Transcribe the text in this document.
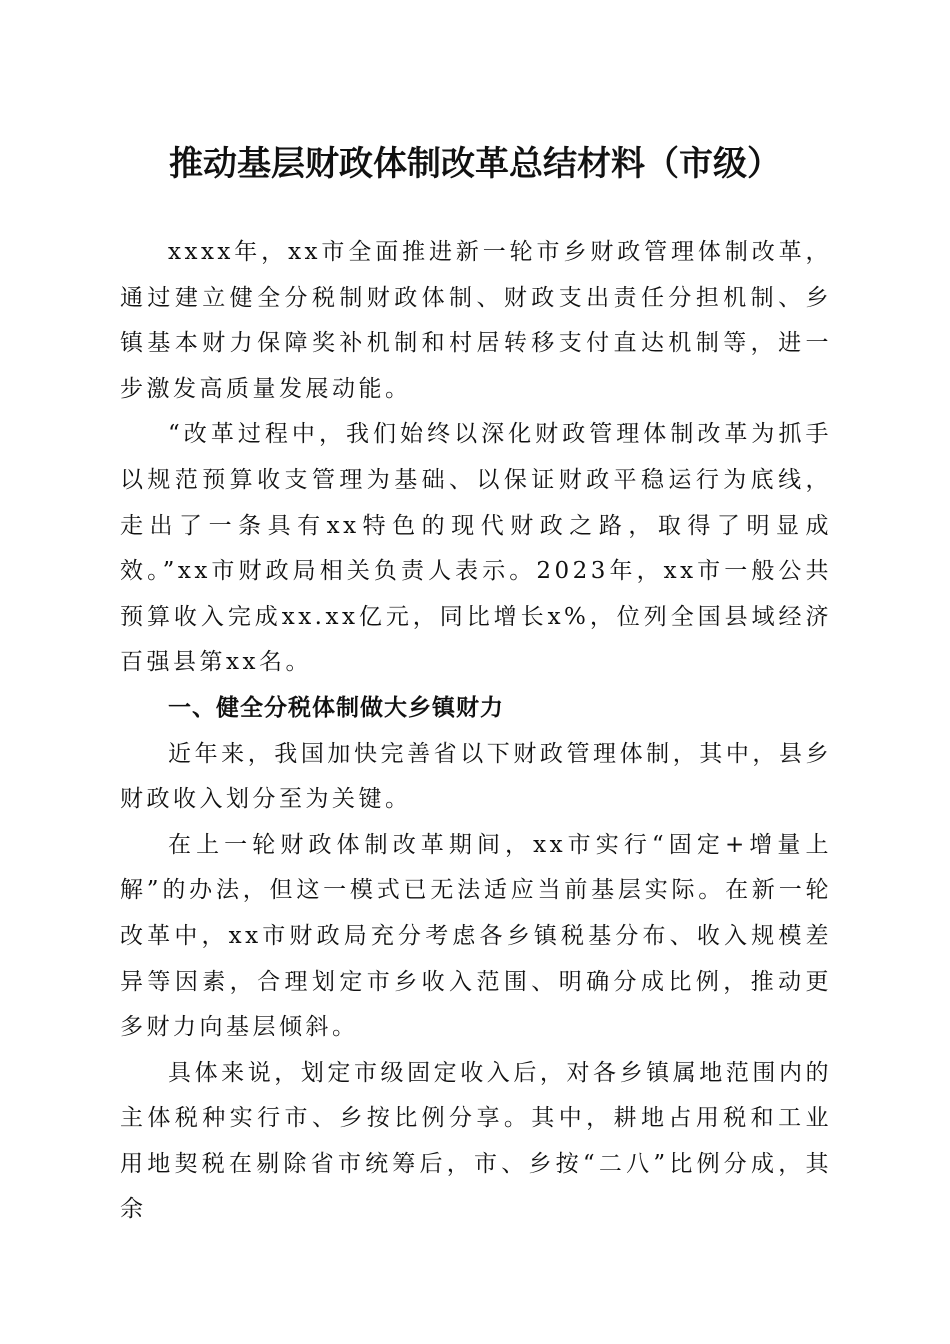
推动基层财政体制改革总结材料（市级）

xxxx年，xx市全面推进新一轮市乡财政管理体制改革，通过建立健全分税制财政体制、财政支出责任分担机制、乡镇基本财力保障奖补机制和村居转移支付直达机制等，进一步激发高质量发展动能。

“改革过程中，我们始终以深化财政管理体制改革为抓手以规范预算收支管理为基础、以保证财政平稳运行为底线，走出了一条具有xx特色的现代财政之路，取得了明显成效。”xx市财政局相关负责人表示。2023年，xx市一般公共预算收入完成xx.xx亿元，同比增长x%，位列全国县域经济百强县第xx名。

一、健全分税体制做大乡镇财力

近年来，我国加快完善省以下财政管理体制，其中，县乡财政收入划分至为关键。

在上一轮财政体制改革期间，xx市实行“固定+增量上解”的办法，但这一模式已无法适应当前基层实际。在新一轮改革中，xx市财政局充分考虑各乡镇税基分布、收入规模差异等因素，合理划定市乡收入范围、明确分成比例，推动更多财力向基层倾斜。

具体来说，划定市级固定收入后，对各乡镇属地范围内的主体税种实行市、乡按比例分享。其中，耕地占用税和工业用地契税在剔除省市统筹后，市、乡按“二八”比例分成，其余
